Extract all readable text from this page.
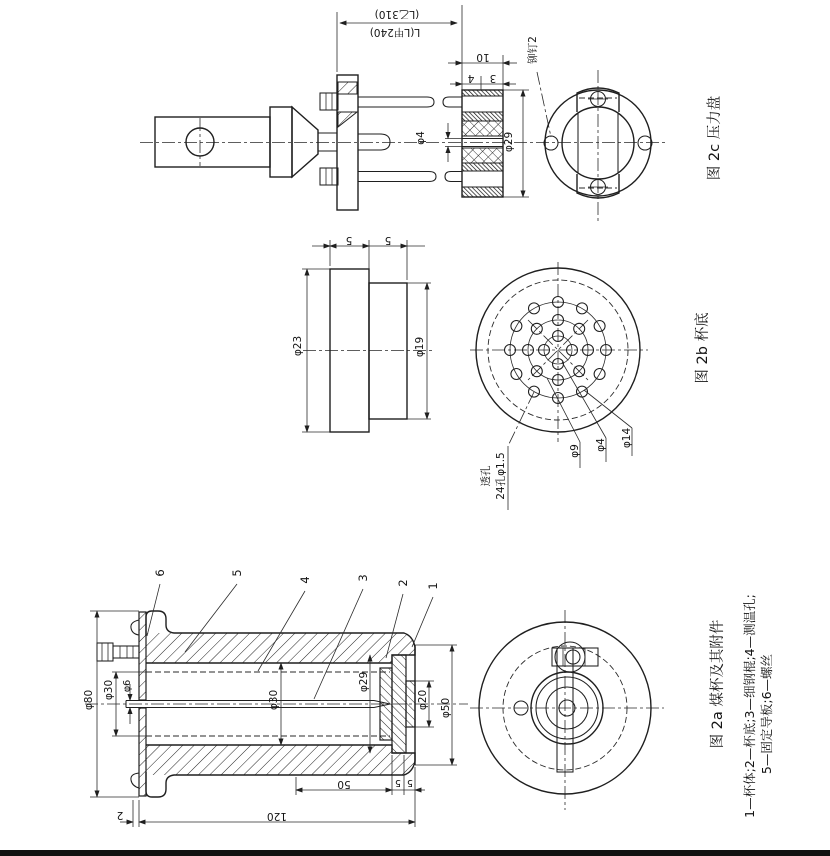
(L乙310)
L(L甲240)
10
4 3
φ4	φ29
铆钉2
图 2c 压力盘
5	5
φ23	φ19
透孔 24孔φ1.5
φ9 φ4 φ14
图 2b 杯底
6	5
4	3
2 1
φ80 φ30 φ6
φ30
φ29
φ20 φ50
50	5 5
120
2
图 2a 煤杯及其附件 1—杯体;2—杯底;3—细钢棍;4—测温孔; 5—固定导板;6—螺丝
